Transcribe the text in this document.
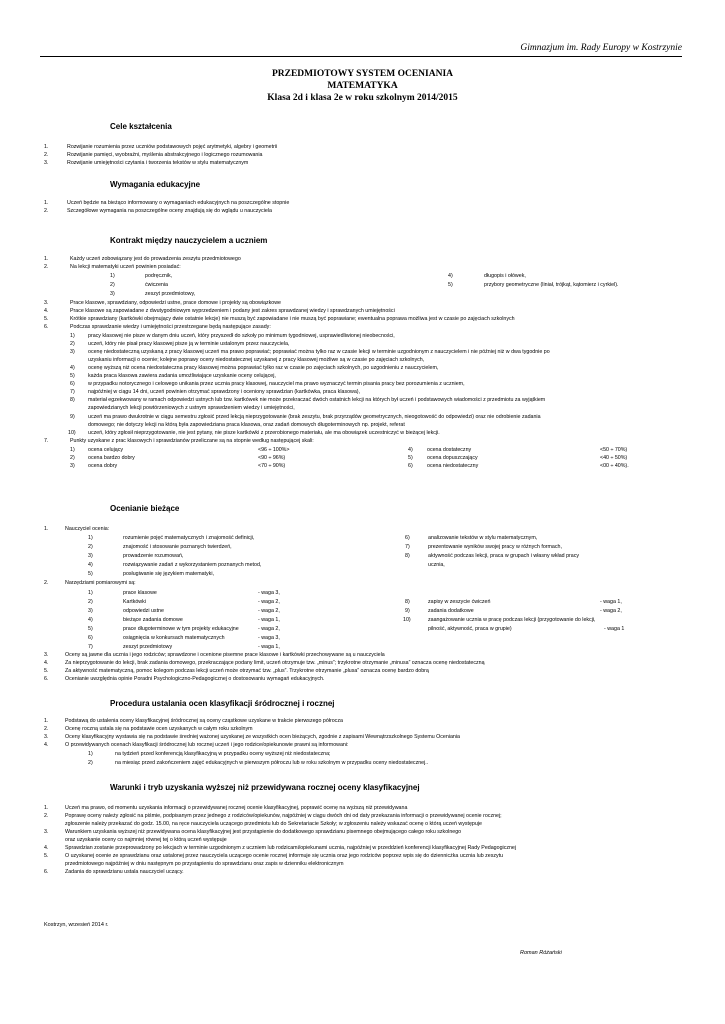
Gimnazjum im. Rady Europy w Kostrzynie
PRZEDMIOTOWY SYSTEM OCENIANIA
MATEMATYKA
Klasa 2d i klasa 2e w roku szkolnym 2014/2015
Cele kształcenia
1.	Rozwijanie rozumienia przez uczniów podstawowych pojęć arytmetyki, algebry i geometrii
2.	Rozwijanie pamięci, wyobraźni, myślenia abstrakcyjnego i logicznego rozumowania
3.	Rozwijanie umiejętności czytania i tworzenia tekstów w stylu matematycznym
Wymagania edukacyjne
1.	Uczeń będzie na bieżąco informowany o wymaganiach edukacyjnych na poszczególne stopnie
2.	Szczegółowe wymagania na poszczególne oceny znajdują się do wglądu u nauczyciela
Kontrakt między nauczycielem a uczniem
1.	Każdy uczeń zobowiązany jest do prowadzenia zeszytu przedmiotowego
2.	Na lekcji matematyki uczeń powinien posiadać:
1)	podręcznik,
2)	ćwiczenia
3)	zeszyt przedmiotowy,
4)	długopis i ołówek,
5)	przybory geometryczne (liniał, trójkąt, kątomierz i cyrkiel).
3.	Prace klasowe, sprawdziany, odpowiedzi ustne, prace domowe i projekty są obowiązkowe
4.	Prace klasowe są zapowiadane z dwutygodniowym wyprzedzeniem i podany jest zakres sprawdzanej wiedzy i sprawdzanych umiejętności
5.	Krótkie sprawdziany (kartkówki obejmujący dwie ostatnie lekcje) nie muszą być zapowiadane i nie muszą być poprawiane; ewentualna poprawa możliwa jest w czasie po zajęciach szkolnych
6.	Podczas sprawdzanie wiedzy i umiejętności przestrzegane będą następujące zasady:
1)	pracy klasowej nie pisze w danym dniu uczeń, który przyszedł do szkoły po minimum tygodniowej, usprawiedliwionej nieobecności,
2)	uczeń, który nie pisał pracy klasowej pisze ją w terminie ustalonym przez nauczyciela,
3)	ocenę niedostateczną uzyskaną z pracy klasowej uczeń ma prawo poprawiać; poprawiać można tylko raz w czasie lekcji w terminie uzgodnionym z nauczycielem i nie później niż w dwa tygodnie po
uzyskaniu informacji o ocenie; kolejne poprawy oceny niedostatecznej uzyskanej z pracy klasowej możliwe są w czasie po zajęciach szkolnych,
4)	ocenę wyższą niż ocena niedostateczna pracy klasowej można poprawiać tylko raz w czasie po zajęciach szkolnych, po uzgodnieniu z nauczycielem,
5)	każda praca klasowa zawiera zadania umożliwiające uzyskanie oceny celującej,
6)	w przypadku notorycznego i celowego unikania przez ucznia pracy klasowej, nauczyciel ma prawo wyznaczyć termin pisania pracy bez porozumienia z uczniem,
7)	najpóźniej w ciągu 14 dni, uczeń powinien otrzymać sprawdzony i oceniony sprawdzian (kartkówka, praca klasowa),
8)	materiał egzekwowany w ramach odpowiedzi ustnych lub tzw. kartkówek nie może przekraczać dwóch ostatnich lekcji na których był uczeń i podstawowych wiadomości z przedmiotu za wyjątkiem
zapowiedzianych lekcji powtórzeniowych z ustnym sprawdzeniem wiedzy i umiejętności,
9)	uczeń ma prawo dwukrotnie w ciągu semestru zgłosić przed lekcją nieprzygotowanie (brak zeszytu, brak przyrządów geometrycznych, nieogotowość do odpowiedzi) oraz nie odrobienie zadania
domowego; nie dotyczy lekcji na którą była zapowiedziana praca klasowa, oraz zadań domowych długoterminowych np. projekt, referat
10) uczeń, który zgłosił nieprzygotowanie, nie jest pytany, nie pisze kartkówki z przerobionego materiału, ale ma obowiązek uczestniczyć w bieżącej lekcji.
7.	Punkty uzyskane z prac klasowych i sprawdzianów przeliczane są na stopnie według następującej skali:
1)	ocena celujący	<96 ÷ 100%>
2)	ocena bardzo dobry	<90 ÷ 96%)
3)	ocena dobry	<70 ÷ 90%)
4)	ocena dostateczny	<50 ÷ 70%)
5)	ocena dopuszczający	<40 ÷ 50%)
6)	ocena niedostateczny	<00 ÷ 40%).
Ocenianie bieżące
1.	Nauczyciel ocenia:
1)	rozumienie pojęć matematycznych i znajomość definicji,
2)	znajomość i stosowanie poznanych twierdzeń,
3)	prowadzenie rozumowań,
4)	rozwiązywanie zadań z wykorzystaniem poznanych metod,
5)	posługiwanie się językiem matematyki,
6)	analizowanie tekstów w stylu matematycznym,
7)	prezentowanie wyników swojej pracy w różnych formach,
8)	aktywność podczas lekcji, praca w grupach i własny wkład pracy
ucznia,
2.	Narzędziami pomiarowymi są:
1)	prace klasowe	- waga 3,
2)	Kartkówki	- waga 2,
3)	odpowiedzi ustne	- waga 2,
4)	bieżące zadania domowe	- waga 1,
5)	prace długoterminowe w tym projekty edukacyjne	- waga 2,
6)	osiągnięcia w konkursach matematycznych	- waga 3,
7)	zeszyt przedmiotowy	- waga 1,
8)	zapisy w zeszycie ćwiczeń	- waga 1,
9)	zadania dodatkowe	- waga 2,
10)	zaangażowanie ucznia w pracę podczas lekcji (przygotowanie do lekcji,
pilność, aktywność, praca w grupie)	- waga 1
3.	Oceny są jawne dla ucznia i jego rodziców; sprawdzone i ocenione pisemne prace klasowe i kartkówki przechowywane są u nauczyciela
4.	Za nieprzygotowanie do lekcji, brak zadania domowego, przekraczające podany limit, uczeń otrzymuje tzw. „minus”; trzykrotne otrzymanie „minusa” oznacza ocenę niedostateczną
5.	Za aktywność matematyczną, pomoc kolegom podczas lekcji uczeń może otrzymać tzw. „plus”. Trzykrotne otrzymanie „plusa” oznacza ocenę bardzo dobrą
6.	Ocenianie uwzględnia opinie Poradni Psychologiczno-Pedagogicznej o dostosowaniu wymagań edukacyjnych.
Procedura ustalania ocen klasyfikacji śródrocznej i rocznej
1.	Podstawą do ustalenia oceny klasyfikacyjnej śródrocznej są oceny cząstkowe uzyskane w trakcie pierwszego półrocza
2.	Ocenę roczną ustala się na podstawie ocen uzyskanych w całym roku szkolnym
3.	Oceny klasyfikacyjny wystawia się na podstawie średniej ważonej uzyskanej ze wszystkich ocen bieżących, zgodnie z zapisami Wewnątrzszkolnego Systemu Oceniania
4.	O przewidywanych ocenach klasyfikacji śródrocznej lub rocznej uczeń i jego rodzice/opiekunowie prawni są informowani:
1)	na tydzień przed konferencją klasyfikacyjną w przypadku oceny wyższej niż niedostateczna;
2)	na miesiąc przed zakończeniem zajęć edukacyjnych w pierwszym półroczu lub w roku szkolnym w przypadku oceny niedostatecznej..
Warunki i tryb uzyskania wyższej niż przewidywana rocznej oceny klasyfikacyjnej
1.	Uczeń ma prawo, od momentu uzyskania informacji o przewidywanej rocznej ocenie klasyfikacyjnej, poprawić ocenę na wyższą niż przewidywana
2.	Poprawę oceny należy zgłosić na piśmie, podpisanym przez jednego z rodziców/opiekunów, najpóźniej w ciągu dwóch dni od daty przekazania informacji o przewidywanej ocenie rocznej;
zgłoszenie należy przekazać do godz. 15.00, na ręce nauczyciela uczącego przedmiotu lub do Sekretariacie Szkoły; w zgłoszeniu należy wskazać ocenę o którą uczeń występuje
3.	Warunkiem uzyskania wyższej niż przewidywana ocena klasyfikacyjnej jest przystąpienie do dodatkowego sprawdzianu pisemnego obejmującego całego roku szkolnego
oraz uzyskanie oceny co najmniej równej tej o którą uczeń występuje
4.	Sprawdzian zostanie przeprowadzony po lekcjach w terminie uzgodnionym z uczniem lub rodzicami/opiekunami ucznia, najpóźniej w przeddzień konferencji klasyfikacyjnej Rady Pedagogicznej
5.	O uzyskanej ocenie ze sprawdzianu oraz ustalonej przez nauczyciela uczącego ocenie rocznej informuje się ucznia oraz jego rodziców poprzez wpis się do dziennicżka ucznia lub zeszytu
przedmiotowego najpóźniej w dniu następnym po przystąpieniu do sprawdzianu oraz zapis w dzienniku elektronicznym
6.	Zadania do sprawdzianu ustala nauczyciel uczący.
Kostrzyn, wrzesień 2014 r.
Roman Różański
